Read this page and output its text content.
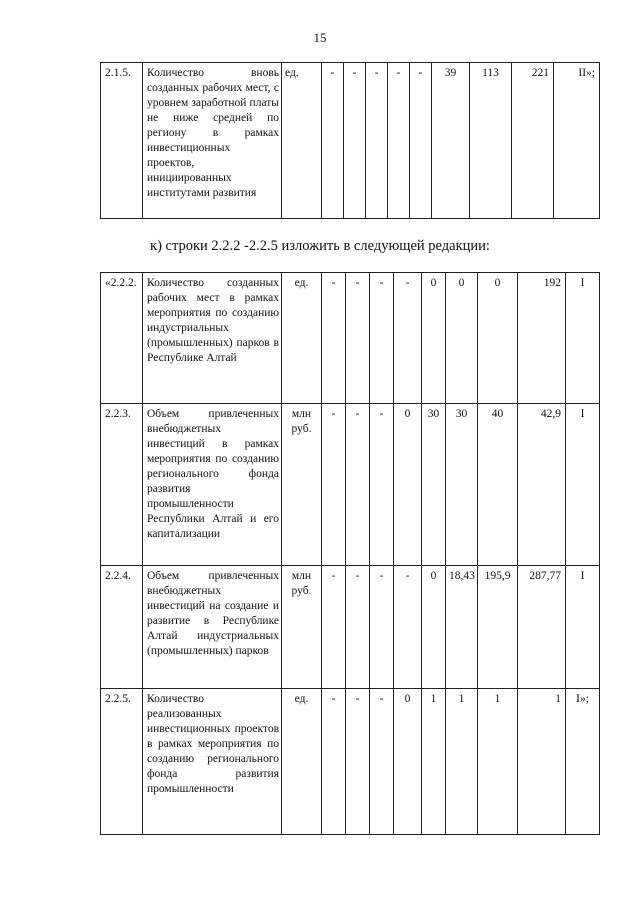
15
2.1.5.	Количество вновь созданных рабочих мест, с уровнем заработной платы не ниже средней по региону в рамках инвестиционных проектов, инициированных институтами развития	ед.	-	-	-	-	-	39	113	221	II»;
к) строки 2.2.2 -2.2.5 изложить в следующей редакции:
«2.2.2.	Количество созданных рабочих мест в рамках мероприятия по созданию индустриальных (промышленных) парков в Республике Алтай	ед.	-	-	-	-	0	0	0	192	I
2.2.3.	Объем привлеченных внебюджетных инвестиций в рамках мероприятия по созданию регионального фонда развития промышленности Республики Алтай и его капитализации	млн руб.	-	-	-	0	30	30	40	42,9	I
2.2.4.	Объем привлеченных внебюджетных инвестиций на создание и развитие в Республике Алтай индустриальных (промышленных) парков	млн руб.	-	-	-	-	0	18,43	195,9	287,77	I
2.2.5.	Количество реализованных инвестиционных проектов в рамках мероприятия по созданию регионального фонда развития промышленности	ед.	-	-	-	0	1	1	1	1	I»;
